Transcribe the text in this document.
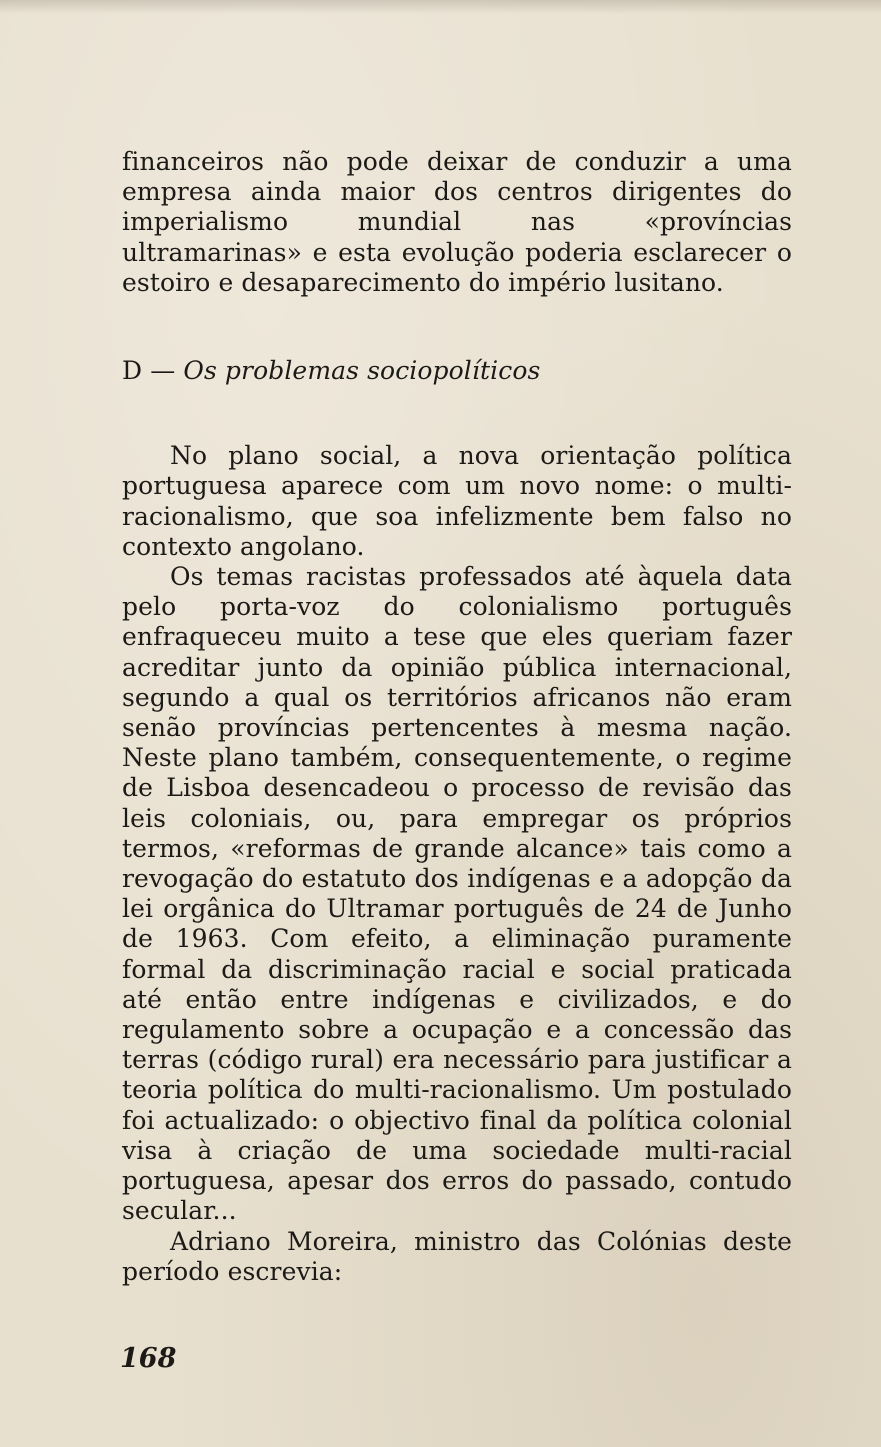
financeiros não pode deixar de conduzir a uma empresa ainda maior dos centros dirigentes do imperialismo mundial nas «províncias ultramarinas» e esta evolução poderia esclarecer o estoiro e desaparecimento do império lusitano.

D — Os problemas sociopolíticos

No plano social, a nova orientação política portuguesa aparece com um novo nome: o multi-racionalismo, que soa infelizmente bem falso no contexto angolano.

Os temas racistas professados até àquela data pelo porta-voz do colonialismo português enfraqueceu muito a tese que eles queriam fazer acreditar junto da opinião pública internacional, segundo a qual os territórios africanos não eram senão províncias pertencentes à mesma nação. Neste plano também, consequentemente, o regime de Lisboa desencadeou o processo de revisão das leis coloniais, ou, para empregar os próprios termos, «reformas de grande alcance» tais como a revogação do estatuto dos indígenas e a adopção da lei orgânica do Ultramar português de 24 de Junho de 1963. Com efeito, a eliminação puramente formal da discriminação racial e social praticada até então entre indígenas e civilizados, e do regulamento sobre a ocupação e a concessão das terras (código rural) era necessário para justificar a teoria política do multi-racionalismo. Um postulado foi actualizado: o objectivo final da política colonial visa à criação de uma sociedade multi-racial portuguesa, apesar dos erros do passado, contudo secular...

Adriano Moreira, ministro das Colónias deste período escrevia:

168
